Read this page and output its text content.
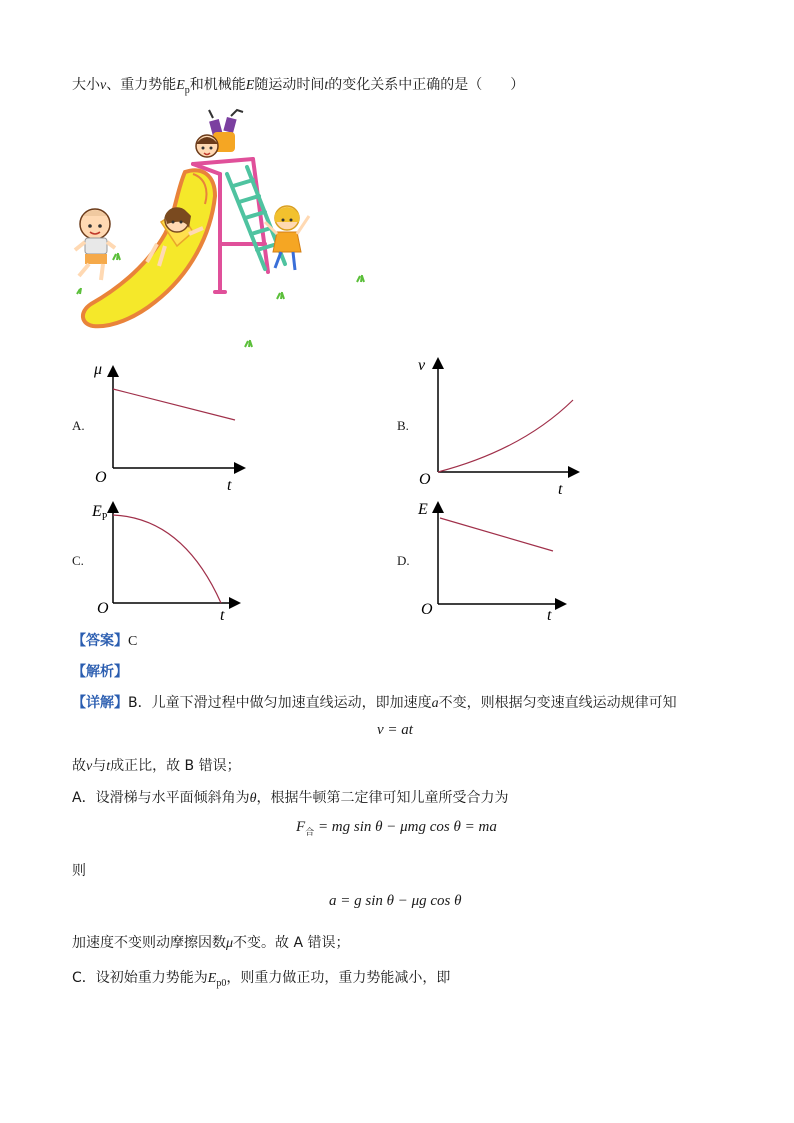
大小v、重力势能$E_p$和机械能E随运动时间t的变化关系中正确的是（　　）
A.
μ
O	t
B.
v
O
t
C.
$E_P$
O	t
D.
E
O	t
【答案】C
【解析】
【详解】B．儿童下滑过程中做匀加速直线运动，即加速度a不变，则根据匀变速直线运动规律可知
v = at
故v与t成正比，故 B 错误；
A．设滑梯与水平面倾斜角为θ，根据牛顿第二定律可知儿童所受合力为
$F_合$ = mg sin θ − μmg cos θ = ma
则
a = g sin θ − μg cos θ
加速度不变则动摩擦因数μ不变。故 A 错误；
C．设初始重力势能为$E_{p0}$，则重力做正功，重力势能减小，即
